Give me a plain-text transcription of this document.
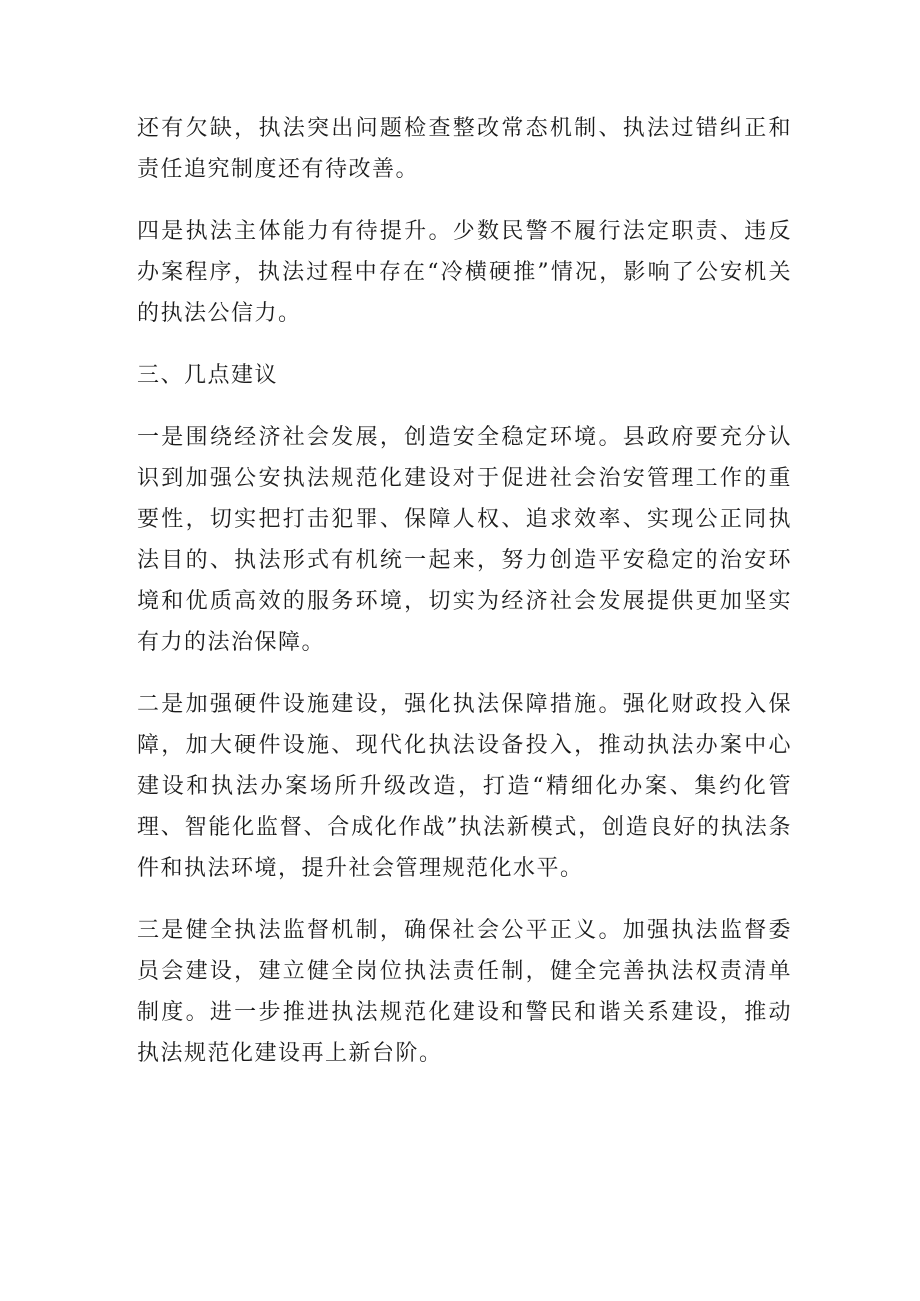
还有欠缺，执法突出问题检查整改常态机制、执法过错纠正和责任追究制度还有待改善。

四是执法主体能力有待提升。少数民警不履行法定职责、违反办案程序，执法过程中存在“冷横硬推”情况，影响了公安机关的执法公信力。

三、几点建议

一是围绕经济社会发展，创造安全稳定环境。县政府要充分认识到加强公安执法规范化建设对于促进社会治安管理工作的重要性，切实把打击犯罪、保障人权、追求效率、实现公正同执法目的、执法形式有机统一起来，努力创造平安稳定的治安环境和优质高效的服务环境，切实为经济社会发展提供更加坚实有力的法治保障。

二是加强硬件设施建设，强化执法保障措施。强化财政投入保障，加大硬件设施、现代化执法设备投入，推动执法办案中心建设和执法办案场所升级改造，打造“精细化办案、集约化管理、智能化监督、合成化作战”执法新模式，创造良好的执法条件和执法环境，提升社会管理规范化水平。

三是健全执法监督机制，确保社会公平正义。加强执法监督委员会建设，建立健全岗位执法责任制，健全完善执法权责清单制度。进一步推进执法规范化建设和警民和谐关系建设，推动执法规范化建设再上新台阶。
